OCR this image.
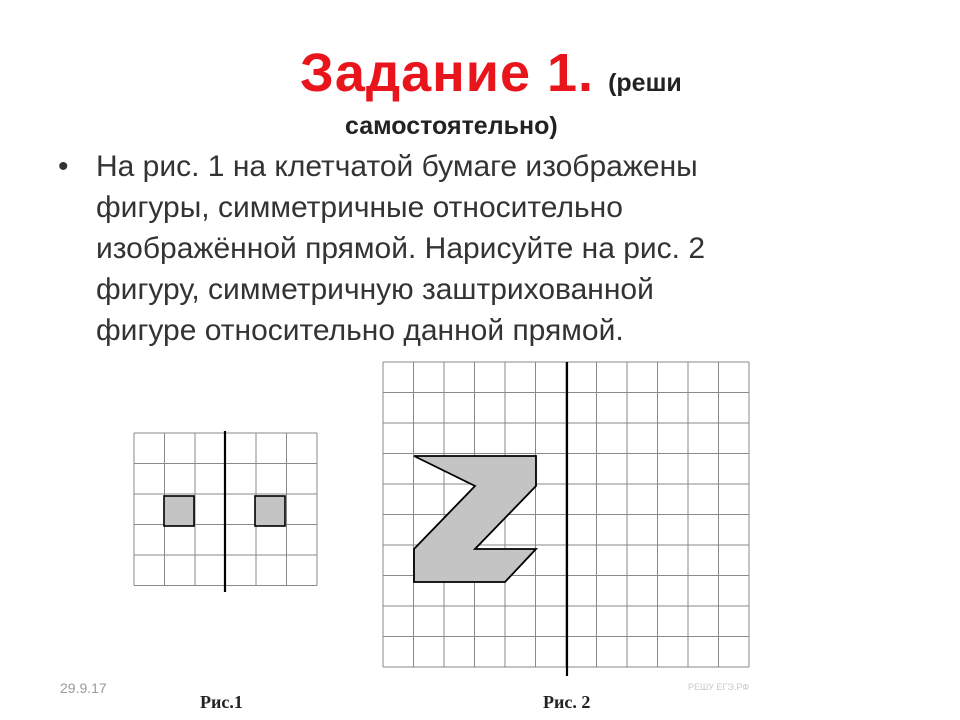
Задание 1. (реши
самостоятельно)
• На рис. 1 на клетчатой бумаге изображены
фигуры, симметричные относительно
изображённой прямой. Нарисуйте на рис. 2
фигуру, симметричную заштрихованной
фигуре относительно данной прямой.
Рис.1	Рис. 2
29.9.17	РЕШУ ЕГЭ.РФ
